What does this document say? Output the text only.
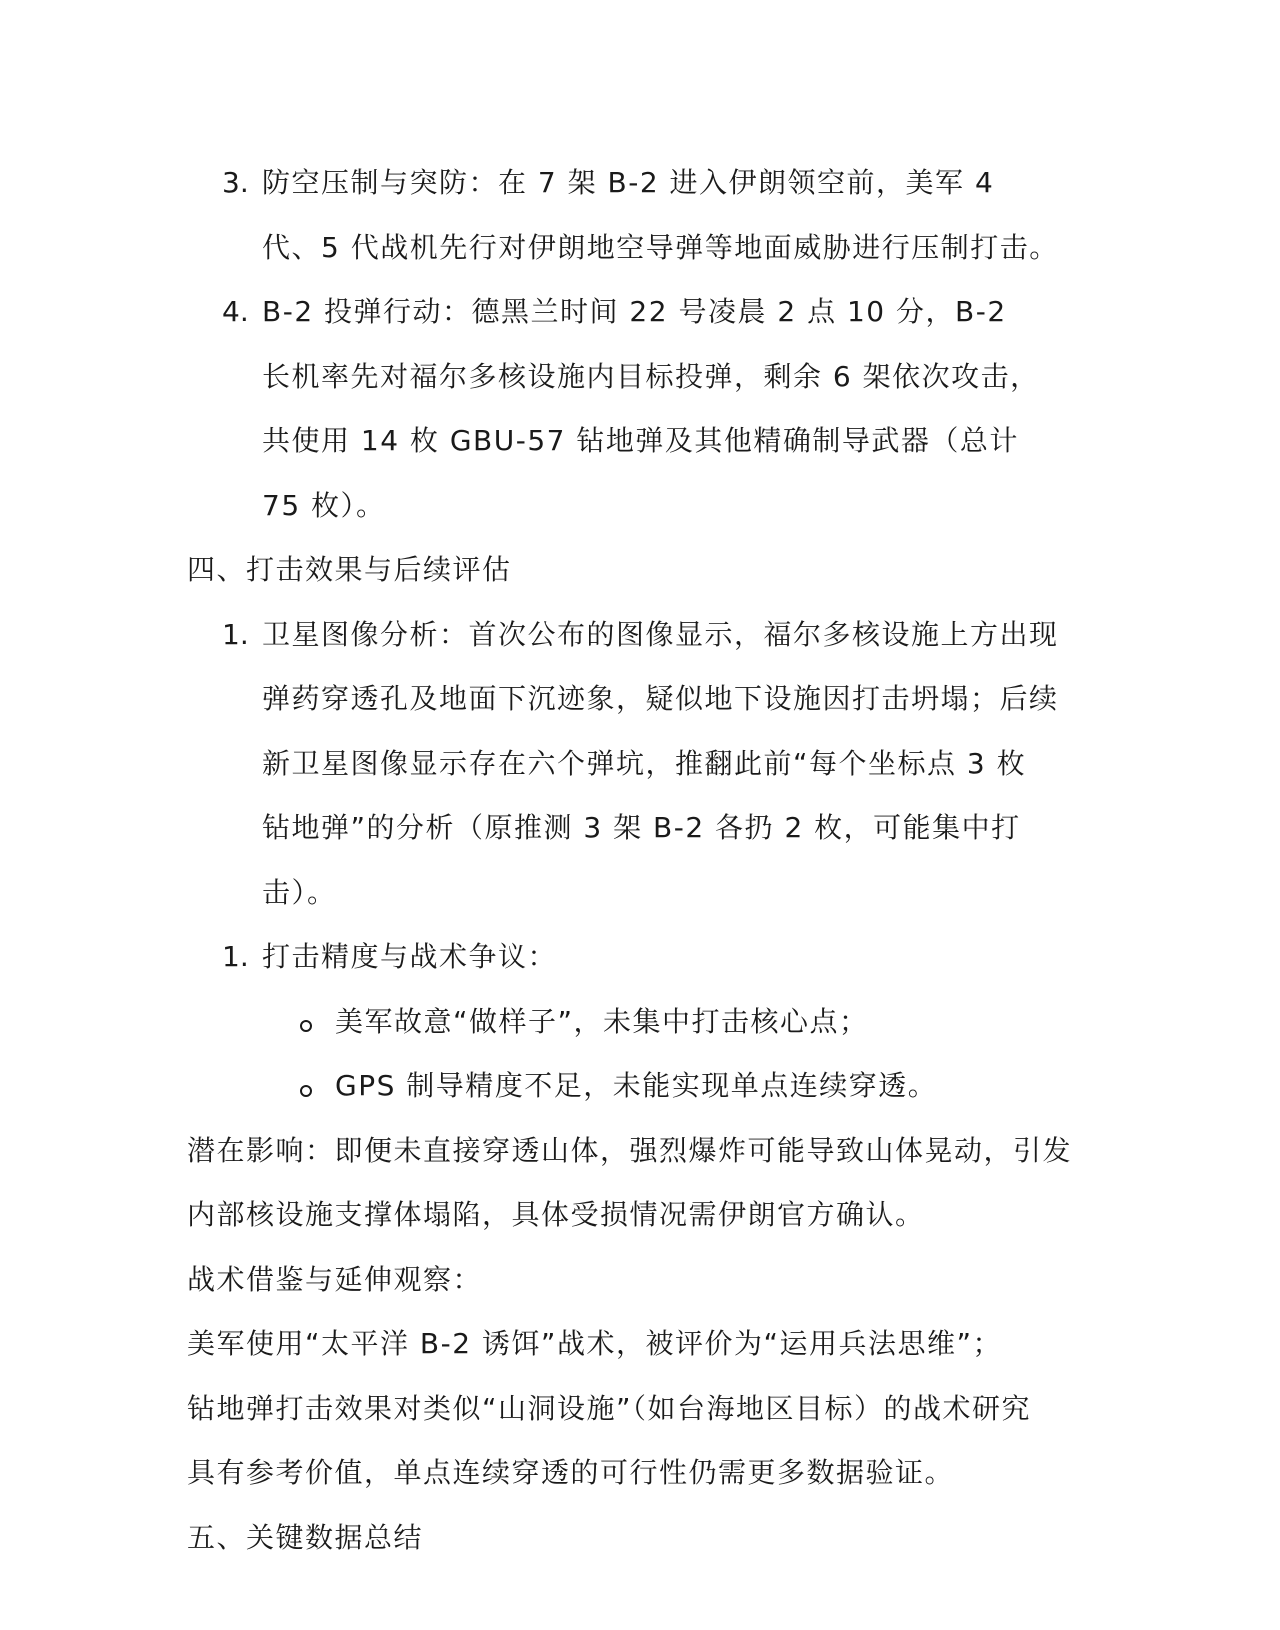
3. 防空压制与突防：在 7 架 B-2 进入伊朗领空前，美军 4
代、5 代战机先行对伊朗地空导弹等地面威胁进行压制打击。
4. B-2 投弹行动：德黑兰时间 22 号凌晨 2 点 10 分，B-2
长机率先对福尔多核设施内目标投弹，剩余 6 架依次攻击，
共使用 14 枚 GBU-57 钻地弹及其他精确制导武器（总计
75 枚）。
四、打击效果与后续评估
1. 卫星图像分析：首次公布的图像显示，福尔多核设施上方出现
弹药穿透孔及地面下沉迹象，疑似地下设施因打击坍塌；后续
新卫星图像显示存在六个弹坑，推翻此前“每个坐标点 3 枚
钻地弹”的分析（原推测 3 架 B-2 各扔 2 枚，可能集中打
击）。
1. 打击精度与战术争议：
美军故意“做样子”，未集中打击核心点；
GPS 制导精度不足，未能实现单点连续穿透。
潜在影响：即便未直接穿透山体，强烈爆炸可能导致山体晃动，引发
内部核设施支撑体塌陷，具体受损情况需伊朗官方确认。
战术借鉴与延伸观察：
美军使用“太平洋 B-2 诱饵”战术，被评价为“运用兵法思维”；
钻地弹打击效果对类似“山洞设施”（如台海地区目标）的战术研究
具有参考价值，单点连续穿透的可行性仍需更多数据验证。
五、关键数据总结
